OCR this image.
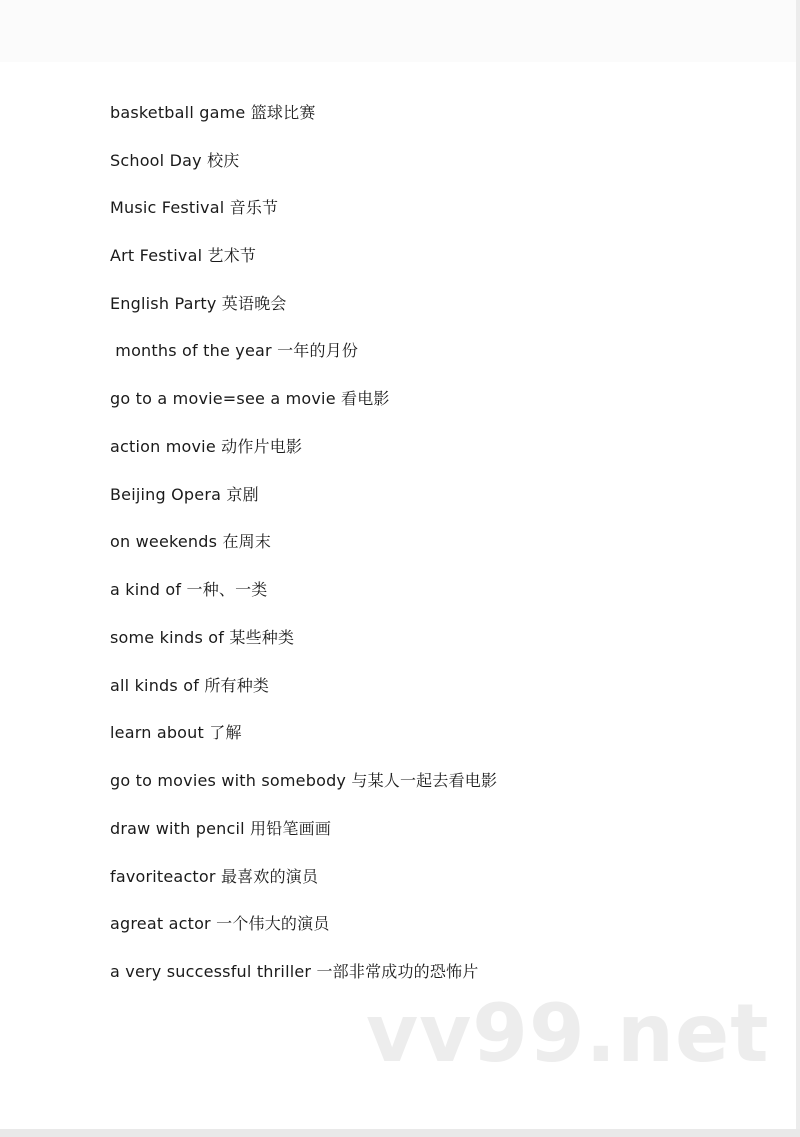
basketball game 篮球比赛
School Day 校庆
Music Festival 音乐节
Art Festival 艺术节
English Party 英语晚会
months of the year 一年的月份
go to a movie=see a movie 看电影
action movie 动作片电影
Beijing Opera 京剧
on weekends 在周末
a kind of 一种、一类
some kinds of 某些种类
all kinds of 所有种类
learn about 了解
go to movies with somebody 与某人一起去看电影
draw with pencil 用铅笔画画
favoriteactor 最喜欢的演员
agreat actor 一个伟大的演员
a very successful thriller 一部非常成功的恐怖片
vv99.net
